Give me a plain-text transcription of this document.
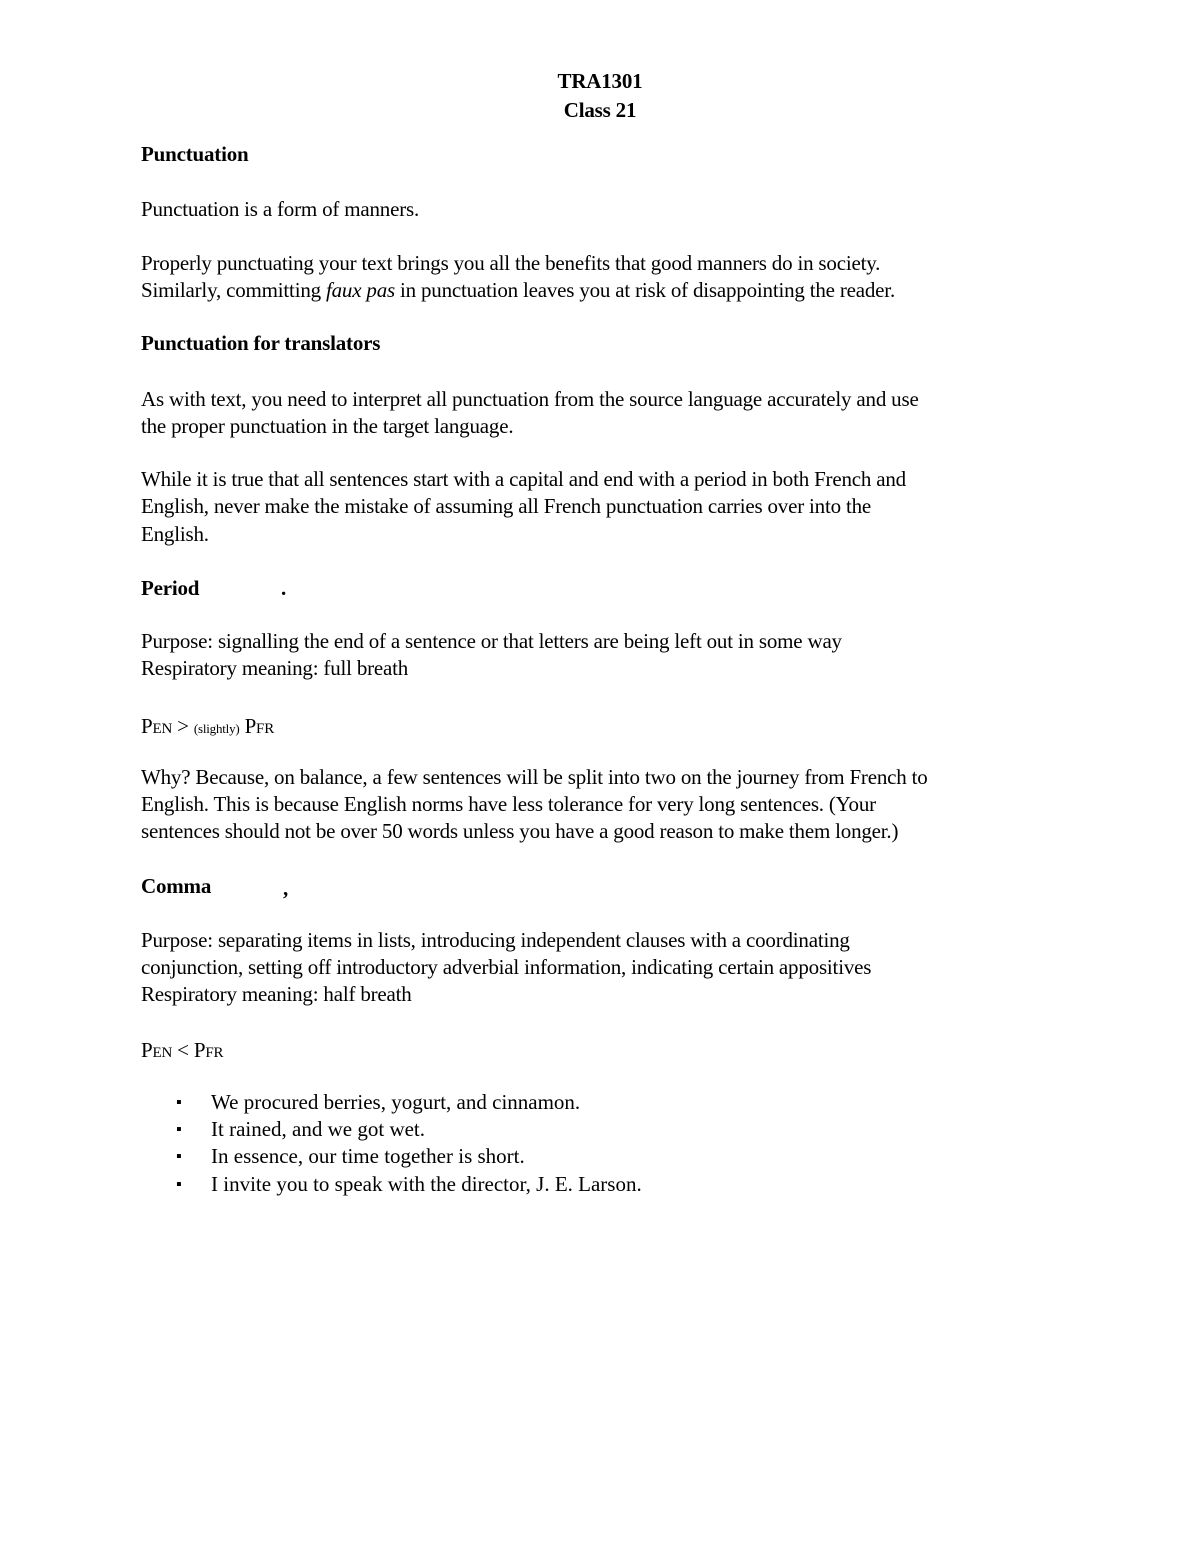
TRA1301
Class 21
Punctuation
Punctuation is a form of manners.
Properly punctuating your text brings you all the benefits that good manners do in society.
Similarly, committing faux pas in punctuation leaves you at risk of disappointing the reader.
Punctuation for translators
As with text, you need to interpret all punctuation from the source language accurately and use
the proper punctuation in the target language.
While it is true that all sentences start with a capital and end with a period in both French and
English, never make the mistake of assuming all French punctuation carries over into the
English.
Period	.
Purpose: signalling the end of a sentence or that letters are being left out in some way
Respiratory meaning: full breath
PEN > (slightly) PFR
Why? Because, on balance, a few sentences will be split into two on the journey from French to
English. This is because English norms have less tolerance for very long sentences. (Your
sentences should not be over 50 words unless you have a good reason to make them longer.)
Comma	,
Purpose: separating items in lists, introducing independent clauses with a coordinating
conjunction, setting off introductory adverbial information, indicating certain appositives
Respiratory meaning: half breath
PEN < PFR
▪ We procured berries, yogurt, and cinnamon.
▪ It rained, and we got wet.
▪ In essence, our time together is short.
▪ I invite you to speak with the director, J. E. Larson.
